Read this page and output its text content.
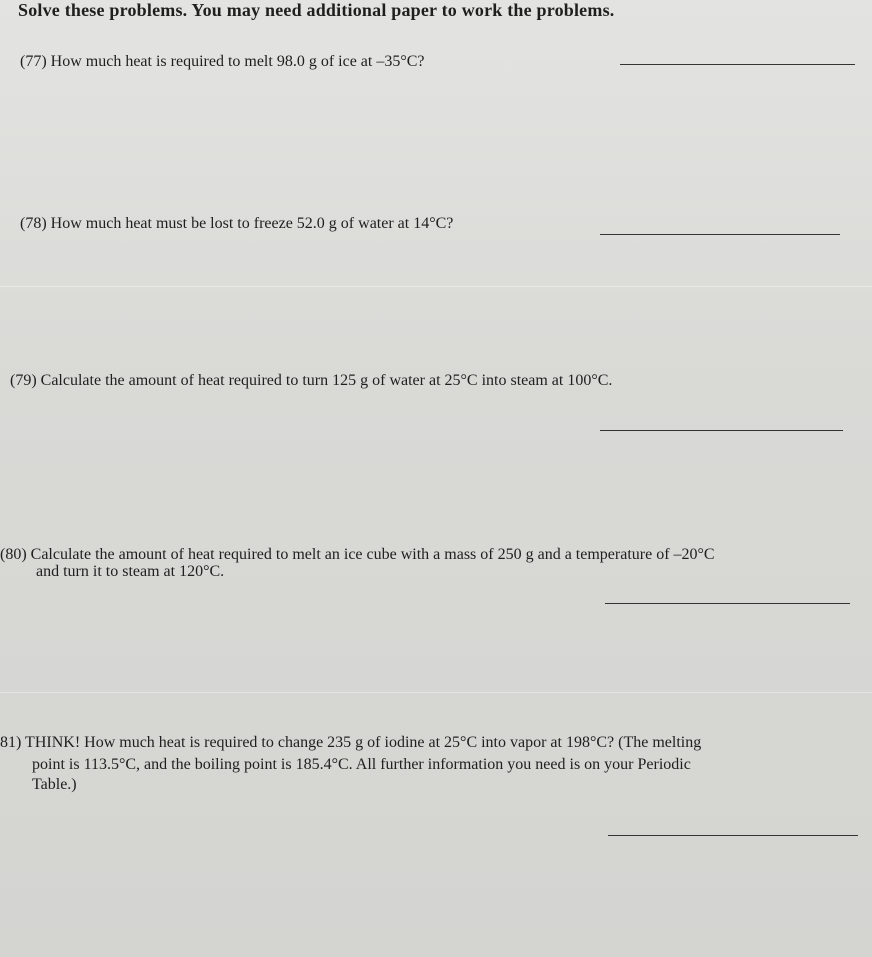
Solve these problems. You may need additional paper to work the problems.
(77) How much heat is required to melt 98.0 g of ice at –35°C?
(78) How much heat must be lost to freeze 52.0 g of water at 14°C?
(79) Calculate the amount of heat required to turn 125 g of water at 25°C into steam at 100°C.
(80) Calculate the amount of heat required to melt an ice cube with a mass of 250 g and a temperature of –20°C
and turn it to steam at 120°C.
81) THINK! How much heat is required to change 235 g of iodine at 25°C into vapor at 198°C? (The melting
point is 113.5°C, and the boiling point is 185.4°C. All further information you need is on your Periodic
Table.)
